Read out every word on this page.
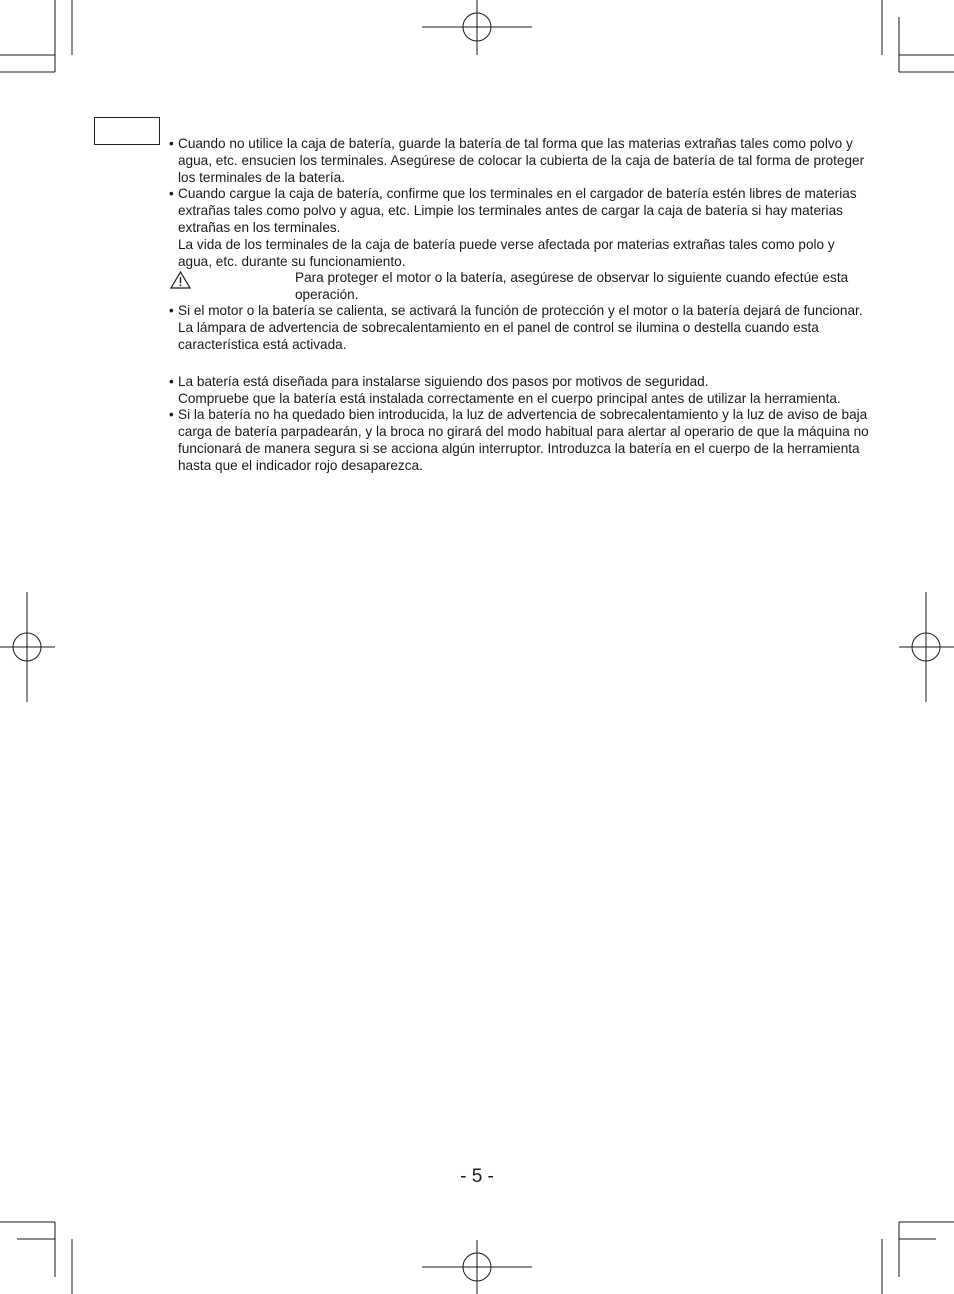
• Cuando no utilice la caja de batería, guarde la batería de tal forma que las materias extrañas tales como polvo y agua, etc. ensucien los terminales. Asegúrese de colocar la cubierta de la caja de batería de tal forma de proteger los terminales de la batería.

• Cuando cargue la caja de batería, confirme que los terminales en el cargador de batería estén libres de materias extrañas tales como polvo y agua, etc. Limpie los terminales antes de cargar la caja de batería si hay materias extrañas en los terminales.

La vida de los terminales de la caja de batería puede verse afectada por materias extrañas tales como polo y agua, etc. durante su funcionamiento.

Para proteger el motor o la batería, asegúrese de observar lo siguiente cuando efectúe esta operación.

• Si el motor o la batería se calienta, se activará la función de protección y el motor o la batería dejará de funcionar. La lámpara de advertencia de sobrecalentamiento en el panel de control se ilumina o destella cuando esta característica está activada.

• La batería está diseñada para instalarse siguiendo dos pasos por motivos de seguridad.

Compruebe que la batería está instalada correctamente en el cuerpo principal antes de utilizar la herramienta.

• Si la batería no ha quedado bien introducida, la luz de advertencia de sobrecalentamiento y la luz de aviso de baja carga de batería parpadearán, y la broca no girará del modo habitual para alertar al operario de que la máquina no funcionará de manera segura si se acciona algún interruptor. Introduzca la batería en el cuerpo de la herramienta hasta que el indicador rojo desaparezca.

- 5 -
